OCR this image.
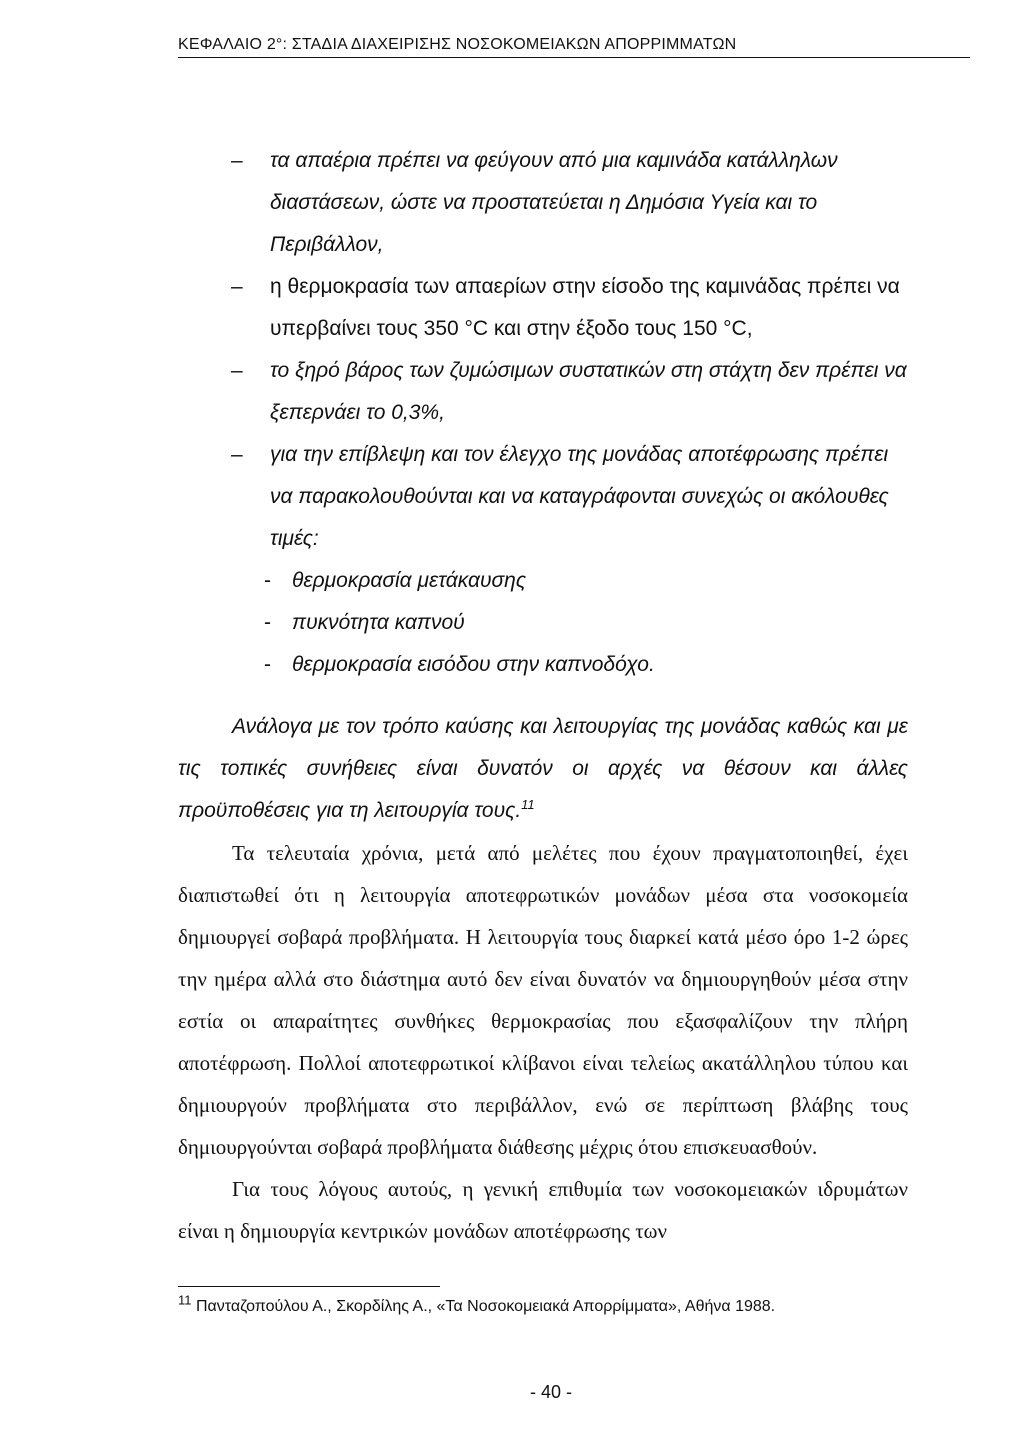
ΚΕΦΑΛΑΙΟ 2°: ΣΤΑΔΙΑ ΔΙΑΧΕΙΡΙΣΗΣ ΝΟΣΟΚΟΜΕΙΑΚΩΝ ΑΠΟΡΡΙΜΜΑΤΩΝ
– τα απαέρια πρέπει να φεύγουν από μια καμινάδα κατάλληλων διαστάσεων, ώστε να προστατεύεται η Δημόσια Υγεία και το Περιβάλλον,
– η θερμοκρασία των απαερίων στην είσοδο της καμινάδας πρέπει να υπερβαίνει τους 350 °C και στην έξοδο τους 150 °C,
– το ξηρό βάρος των ζυμώσιμων συστατικών στη στάχτη δεν πρέπει να ξεπερνάει το 0,3%,
– για την επίβλεψη και τον έλεγχο της μονάδας αποτέφρωσης πρέπει να παρακολουθούνται και να καταγράφονται συνεχώς οι ακόλουθες τιμές:
- θερμοκρασία μετάκαυσης
- πυκνότητα καπνού
- θερμοκρασία εισόδου στην καπνοδόχο.

Ανάλογα με τον τρόπο καύσης και λειτουργίας της μονάδας καθώς και με τις τοπικές συνήθειες είναι δυνατόν οι αρχές να θέσουν και άλλες προϋποθέσεις για τη λειτουργία τους.$^{11}$

Τα τελευταία χρόνια, μετά από μελέτες που έχουν πραγματοποιηθεί, έχει διαπιστωθεί ότι η λειτουργία αποτεφρωτικών μονάδων μέσα στα νοσοκομεία δημιουργεί σοβαρά προβλήματα. Η λειτουργία τους διαρκεί κατά μέσο όρο 1-2 ώρες την ημέρα αλλά στο διάστημα αυτό δεν είναι δυνατόν να δημιουργηθούν μέσα στην εστία οι απαραίτητες συνθήκες θερμοκρασίας που εξασφαλίζουν την πλήρη αποτέφρωση. Πολλοί αποτεφρωτικοί κλίβανοι είναι τελείως ακατάλληλου τύπου και δημιουργούν προβλήματα στο περιβάλλον, ενώ σε περίπτωση βλάβης τους δημιουργούνται σοβαρά προβλήματα διάθεσης μέχρις ότου επισκευασθούν.

Για τους λόγους αυτούς, η γενική επιθυμία των νοσοκομειακών ιδρυμάτων είναι η δημιουργία κεντρικών μονάδων αποτέφρωσης των

$^{11}$ Πανταζοπούλου Α., Σκορδίλης Α., «Τα Νοσοκομειακά Απορρίμματα», Αθήνα 1988.
- 40 -
